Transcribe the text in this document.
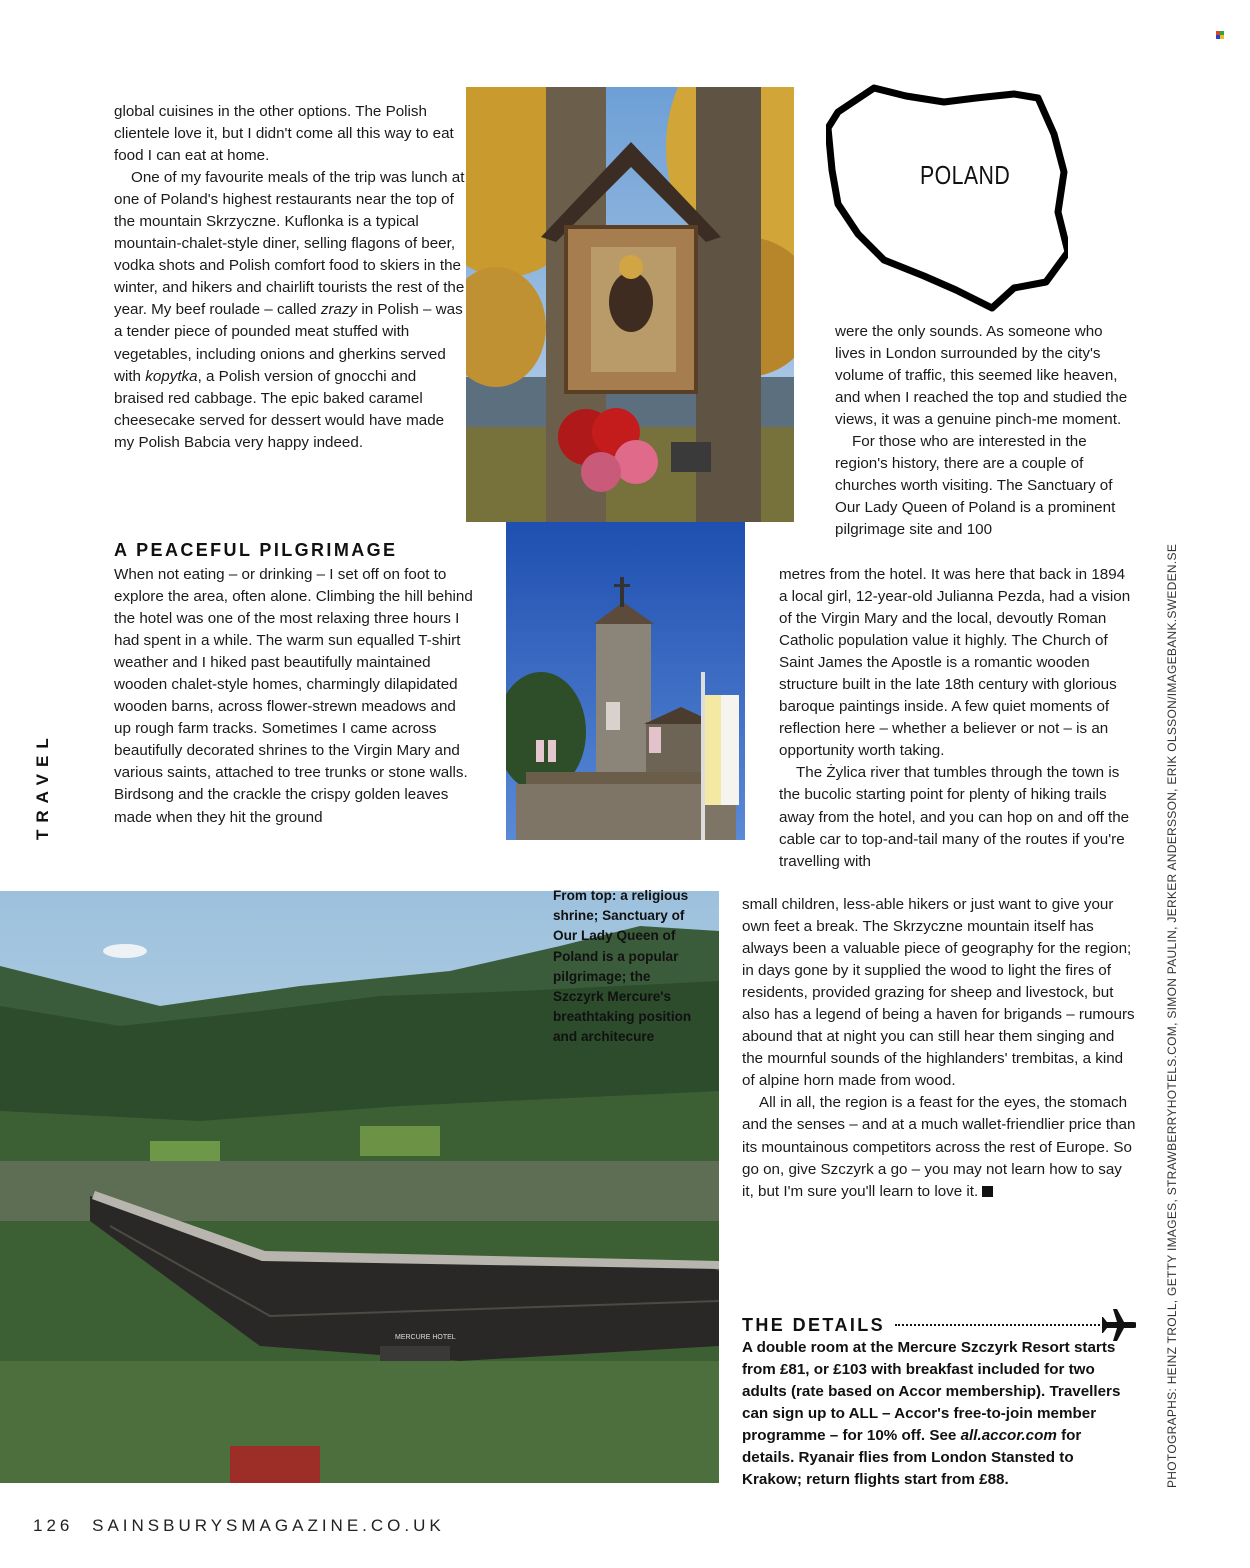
TRAVEL

global cuisines in the other options. The Polish clientele love it, but I didn't come all this way to eat food I can eat at home.

One of my favourite meals of the trip was lunch at one of Poland's highest restaurants near the top of the mountain Skrzyczne. Kuflonka is a typical mountain-chalet-style diner, selling flagons of beer, vodka shots and Polish comfort food to skiers in the winter, and hikers and chairlift tourists the rest of the year. My beef roulade – called zrazy in Polish – was a tender piece of pounded meat stuffed with vegetables, including onions and gherkins served with kopytka, a Polish version of gnocchi and braised red cabbage. The epic baked caramel cheesecake served for dessert would have made my Polish Babcia very happy indeed.

A PEACEFUL PILGRIMAGE

When not eating – or drinking – I set off on foot to explore the area, often alone. Climbing the hill behind the hotel was one of the most relaxing three hours I had spent in a while. The warm sun equalled T-shirt weather and I hiked past beautifully maintained wooden chalet-style homes, charmingly dilapidated wooden barns, across flower-strewn meadows and up rough farm tracks. Sometimes I came across beautifully decorated shrines to the Virgin Mary and various saints, attached to tree trunks or stone walls. Birdsong and the crackle the crispy golden leaves made when they hit the ground

MERCURE HOTEL
From top: a religious shrine; Sanctuary of Our Lady Queen of Poland is a popular pilgrimage; the Szczyrk Mercure's breathtaking position and architecure
POLAND

were the only sounds. As someone who lives in London surrounded by the city's volume of traffic, this seemed like heaven, and when I reached the top and studied the views, it was a genuine pinch-me moment.

For those who are interested in the region's history, there are a couple of churches worth visiting. The Sanctuary of Our Lady Queen of Poland is a prominent pilgrimage site and 100

metres from the hotel. It was here that back in 1894 a local girl, 12-year-old Julianna Pezda, had a vision of the Virgin Mary and the local, devoutly Roman Catholic population value it highly. The Church of Saint James the Apostle is a romantic wooden structure built in the late 18th century with glorious baroque paintings inside. A few quiet moments of reflection here – whether a believer or not – is an opportunity worth taking.

The Żylica river that tumbles through the town is the bucolic starting point for plenty of hiking trails away from the hotel, and you can hop on and off the cable car to top-and-tail many of the routes if you're travelling with

small children, less-able hikers or just want to give your own feet a break. The Skrzyczne mountain itself has always been a valuable piece of geography for the region; in days gone by it supplied the wood to light the fires of residents, provided grazing for sheep and livestock, but also has a legend of being a haven for brigands – rumours abound that at night you can still hear them singing and the mournful sounds of the highlanders' trembitas, a kind of alpine horn made from wood.

All in all, the region is a feast for the eyes, the stomach and the senses – and at a much wallet-friendlier price than its mountainous competitors across the rest of Europe. So go on, give Szczyrk a go – you may not learn how to say it, but I'm sure you'll learn to love it.

THE DETAILS
A double room at the Mercure Szczyrk Resort starts from £81, or £103 with breakfast included for two adults (rate based on Accor membership). Travellers can sign up to ALL – Accor's free-to-join member programme – for 10% off. See all.accor.com for details. Ryanair flies from London Stansted to Krakow; return flights start from £88.	PHOTOGRAPHS: HEINZ TROLL, GETTY IMAGES, STRAWBERRYHOTELS.COM, SIMON PAULIN, JERKER ANDERSSON, ERIK OLSSON/IMAGEBANK.SWEDEN.SE
126 SAINSBURYSMAGAZINE.CO.UK
